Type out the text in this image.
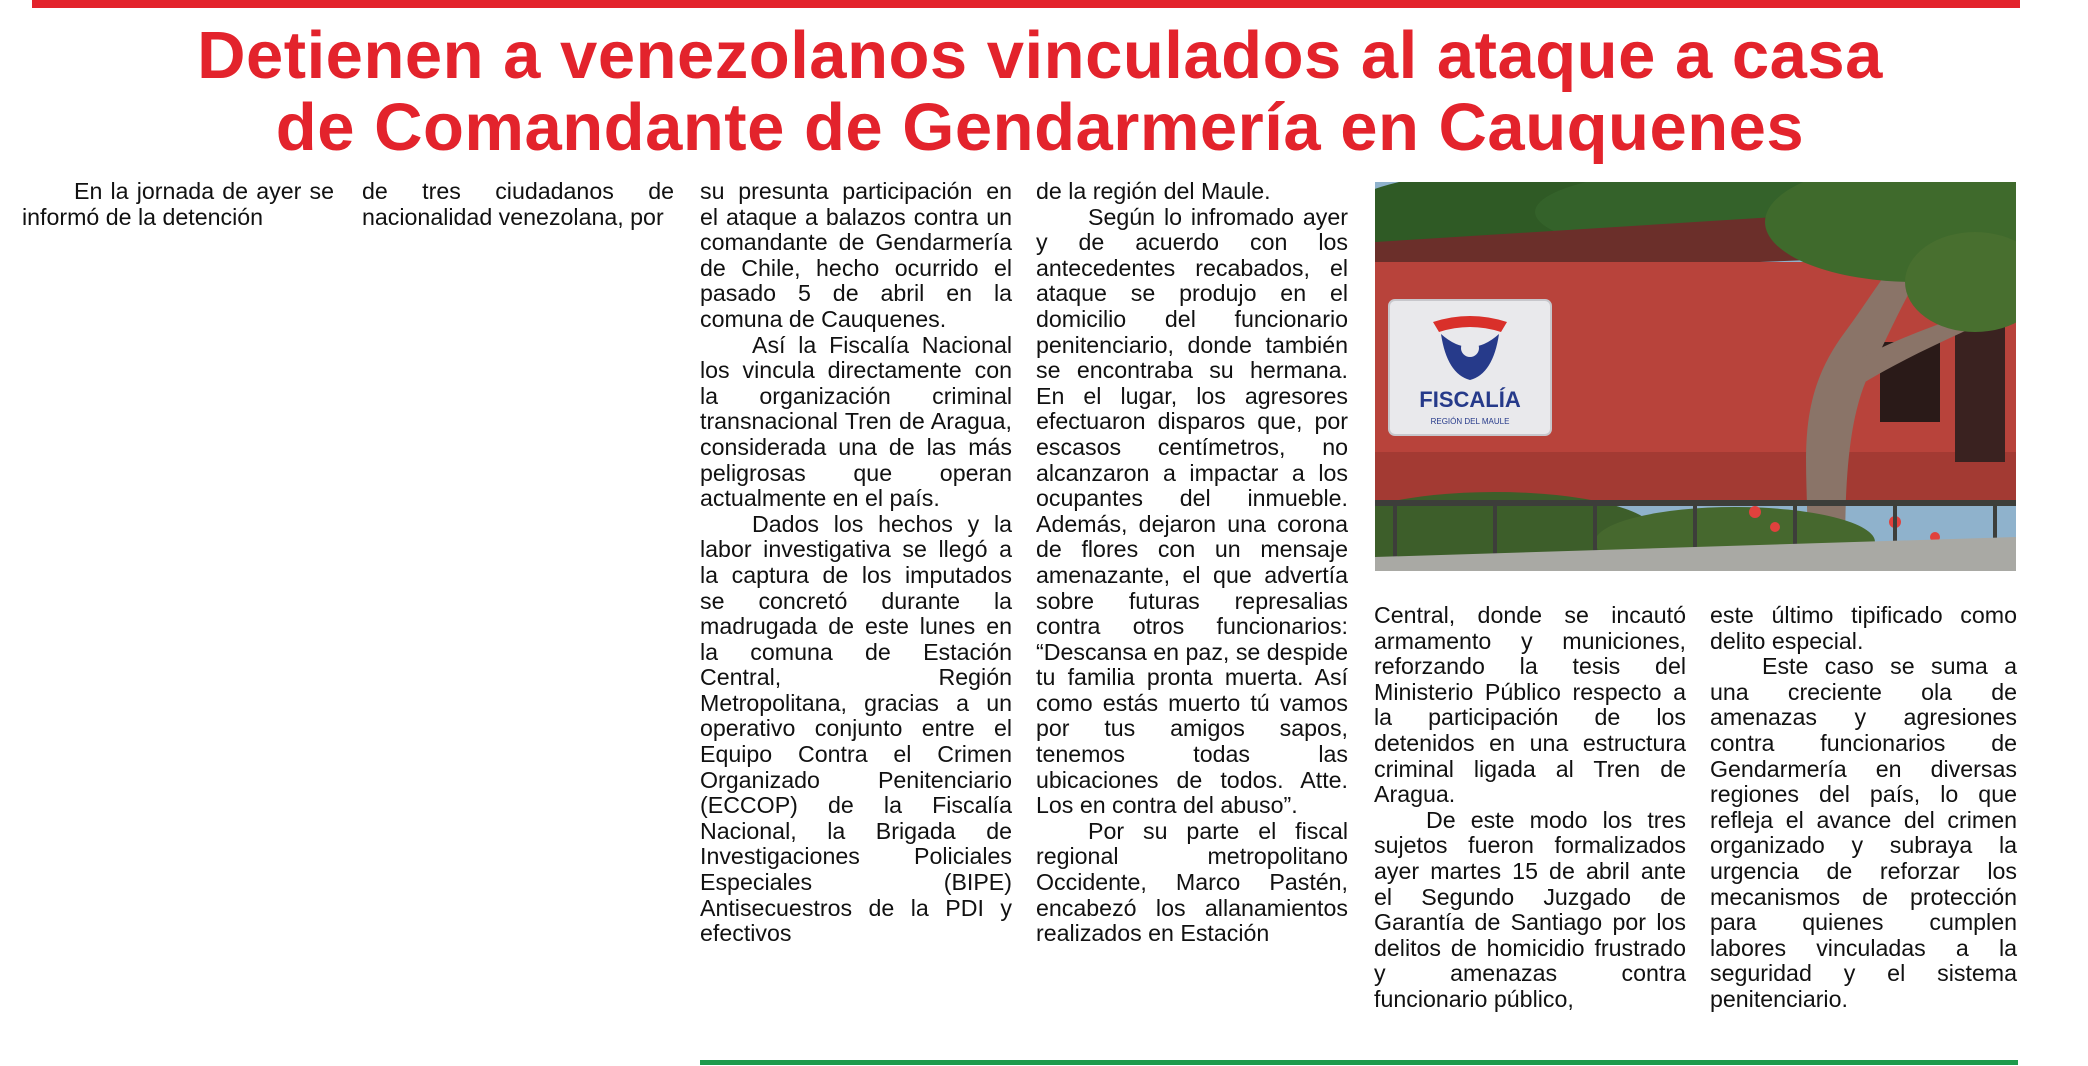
Detienen a venezolanos vinculados al ataque a casa
de Comandante de Gendarmería en Cauquenes

En la jornada de ayer se informó de la detención

de tres ciudadanos de nacionalidad venezolana, por

su presunta participación en el ataque a balazos contra un comandante de Gendarmería de Chile, hecho ocurrido el pasado 5 de abril en la comuna de Cauquenes.

Así la Fiscalía Nacional los vincula directamente con la organización criminal transnacional Tren de Aragua, considerada una de las más peligrosas que operan actualmente en el país.

Dados los hechos y la labor investigativa se llegó a la captura de los imputados se concretó durante la madrugada de este lunes en la comuna de Estación Central, Región Metropolitana, gracias a un operativo conjunto entre el Equipo Contra el Crimen Organizado Penitenciario (ECCOP) de la Fiscalía Nacional, la Brigada de Investigaciones Policiales Especiales (BIPE) Antisecuestros de la PDI y efectivos

de la región del Maule.

Según lo infromado ayer y de acuerdo con los antecedentes recabados, el ataque se produjo en el domicilio del funcionario penitenciario, donde también se encontraba su hermana. En el lugar, los agresores efectuaron disparos que, por escasos centímetros, no alcanzaron a impactar a los ocupantes del inmueble. Además, dejaron una corona de flores con un mensaje amenazante, el que advertía sobre futuras represalias contra otros funcionarios: “Descansa en paz, se despide tu familia pronta muerta. Así como estás muerto tú vamos por tus amigos sapos, tenemos todas las ubicaciones de todos. Atte. Los en contra del abuso”.

Por su parte el fiscal regional metropolitano Occidente, Marco Pastén, encabezó los allanamientos realizados en Estación

FISCALÍA
REGIÓN DEL MAULE

Central, donde se incautó armamento y municiones, reforzando la tesis del Ministerio Público respecto a la participación de los detenidos en una estructura criminal ligada al Tren de Aragua.

De este modo los tres sujetos fueron formalizados ayer martes 15 de abril ante el Segundo Juzgado de Garantía de Santiago por los delitos de homicidio frustrado y amenazas contra funcionario público,

este último tipificado como delito especial.

Este caso se suma a una creciente ola de amenazas y agresiones contra funcionarios de Gendarmería en diversas regiones del país, lo que refleja el avance del crimen organizado y subraya la urgencia de reforzar los mecanismos de protección para quienes cumplen labores vinculadas a la seguridad y el sistema penitenciario.
